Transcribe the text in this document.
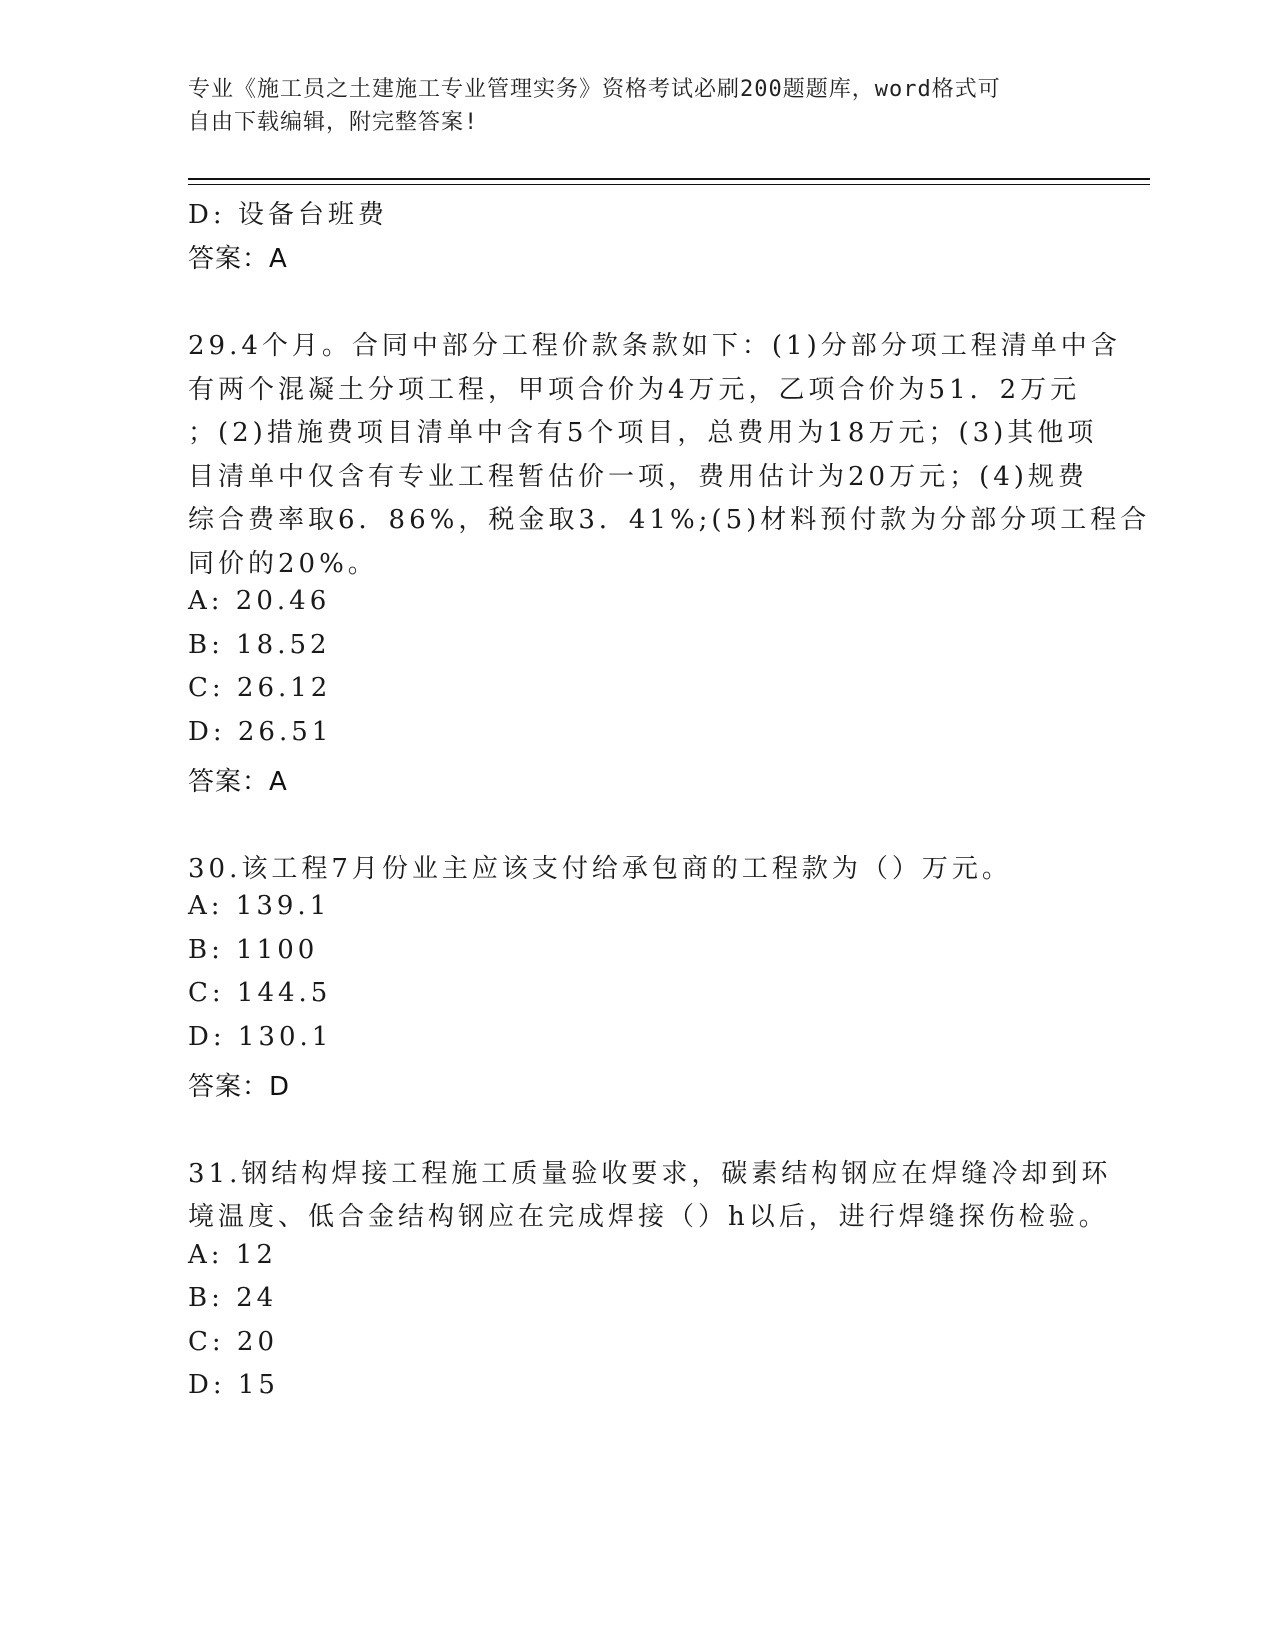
专业《施工员之土建施工专业管理实务》资格考试必刷200题题库，word格式可
自由下载编辑，附完整答案!
D: 设备台班费
答案：A
29.4个月。合同中部分工程价款条款如下：(1)分部分项工程清单中含
有两个混凝土分项工程，甲项合价为4万元，乙项合价为51．2万元
；(2)措施费项目清单中含有5个项目，总费用为18万元；(3)其他项
目清单中仅含有专业工程暂估价一项，费用估计为20万元；(4)规费
综合费率取6．86%，税金取3．41%;(5)材料预付款为分部分项工程合
同价的20%。
A: 20.46
B: 18.52
C: 26.12
D: 26.51
答案：A
30.该工程7月份业主应该支付给承包商的工程款为（）万元。
A: 139.1
B: 1100
C: 144.5
D: 130.1
答案：D
31.钢结构焊接工程施工质量验收要求，碳素结构钢应在焊缝冷却到环
境温度、低合金结构钢应在完成焊接（）h以后，进行焊缝探伤检验。
A: 12
B: 24
C: 20
D: 15
